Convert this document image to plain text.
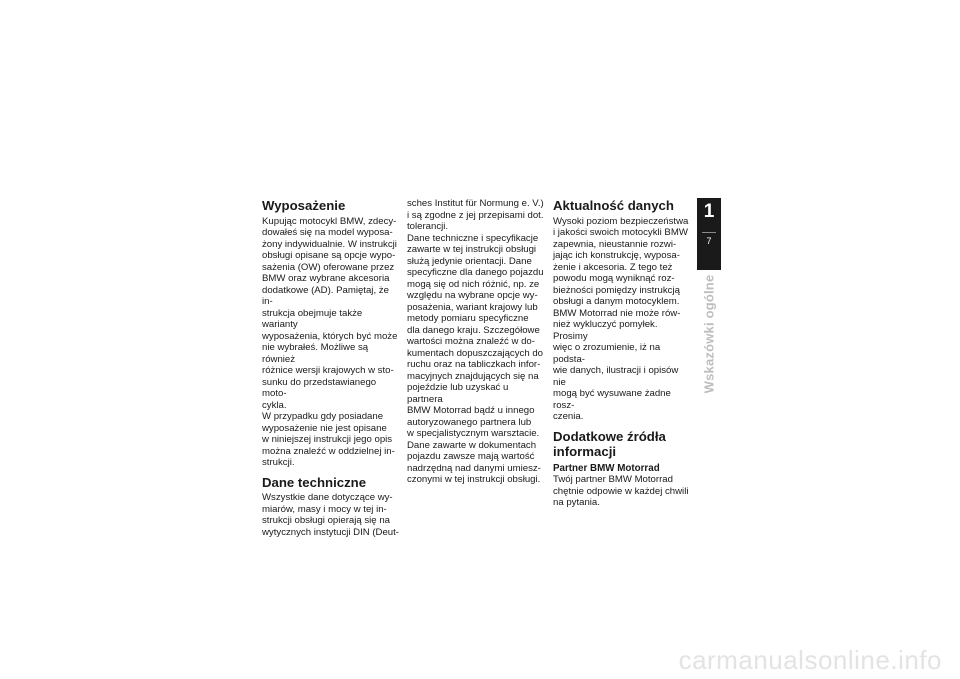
Wyposażenie

Kupując motocykl BMW, zdecy-
dowałeś się na model wyposa-
żony indywidualnie. W instrukcji
obsługi opisane są opcje wypo-
sażenia (OW) oferowane przez
BMW oraz wybrane akcesoria
dodatkowe (AD). Pamiętaj, że in-
strukcja obejmuje także warianty
wyposażenia, których być może
nie wybrałeś. Możliwe są również
różnice wersji krajowych w sto-
sunku do przedstawianego moto-
cykla.
W przypadku gdy posiadane
wyposażenie nie jest opisane
w niniejszej instrukcji jego opis
można znaleźć w oddzielnej in-
strukcji.

Dane techniczne

Wszystkie dane dotyczące wy-
miarów, masy i mocy w tej in-
strukcji obsługi opierają się na
wytycznych instytucji DIN (Deut-

sches Institut für Normung e. V.)
i są zgodne z jej przepisami dot.
tolerancji.
Dane techniczne i specyfikacje
zawarte w tej instrukcji obsługi
służą jedynie orientacji. Dane
specyficzne dla danego pojazdu
mogą się od nich różnić, np. ze
względu na wybrane opcje wy-
posażenia, wariant krajowy lub
metody pomiaru specyficzne
dla danego kraju. Szczegółowe
wartości można znaleźć w do-
kumentach dopuszczających do
ruchu oraz na tabliczkach infor-
macyjnych znajdujących się na
pojeździe lub uzyskać u partnera
BMW Motorrad bądź u innego
autoryzowanego partnera lub
w specjalistycznym warsztacie.
Dane zawarte w dokumentach
pojazdu zawsze mają wartość
nadrzędną nad danymi umiesz-
czonymi w tej instrukcji obsługi.

Aktualność danych

Wysoki poziom bezpieczeństwa
i jakości swoich motocykli BMW
zapewnia, nieustannie rozwi-
jając ich konstrukcję, wyposa-
żenie i akcesoria. Z tego też
powodu mogą wyniknąć roz-
bieżności pomiędzy instrukcją
obsługi a danym motocyklem.
BMW Motorrad nie może rów-
nież wykluczyć pomyłek. Prosimy
więc o zrozumienie, iż na podsta-
wie danych, ilustracji i opisów nie
mogą być wysuwane żadne rosz-
czenia.

Dodatkowe źródła
informacji
Partner BMW Motorrad

Twój partner BMW Motorrad
chętnie odpowie w każdej chwili
na pytania.

1
7
Wskazówki ogólne
carmanualsonline.info
